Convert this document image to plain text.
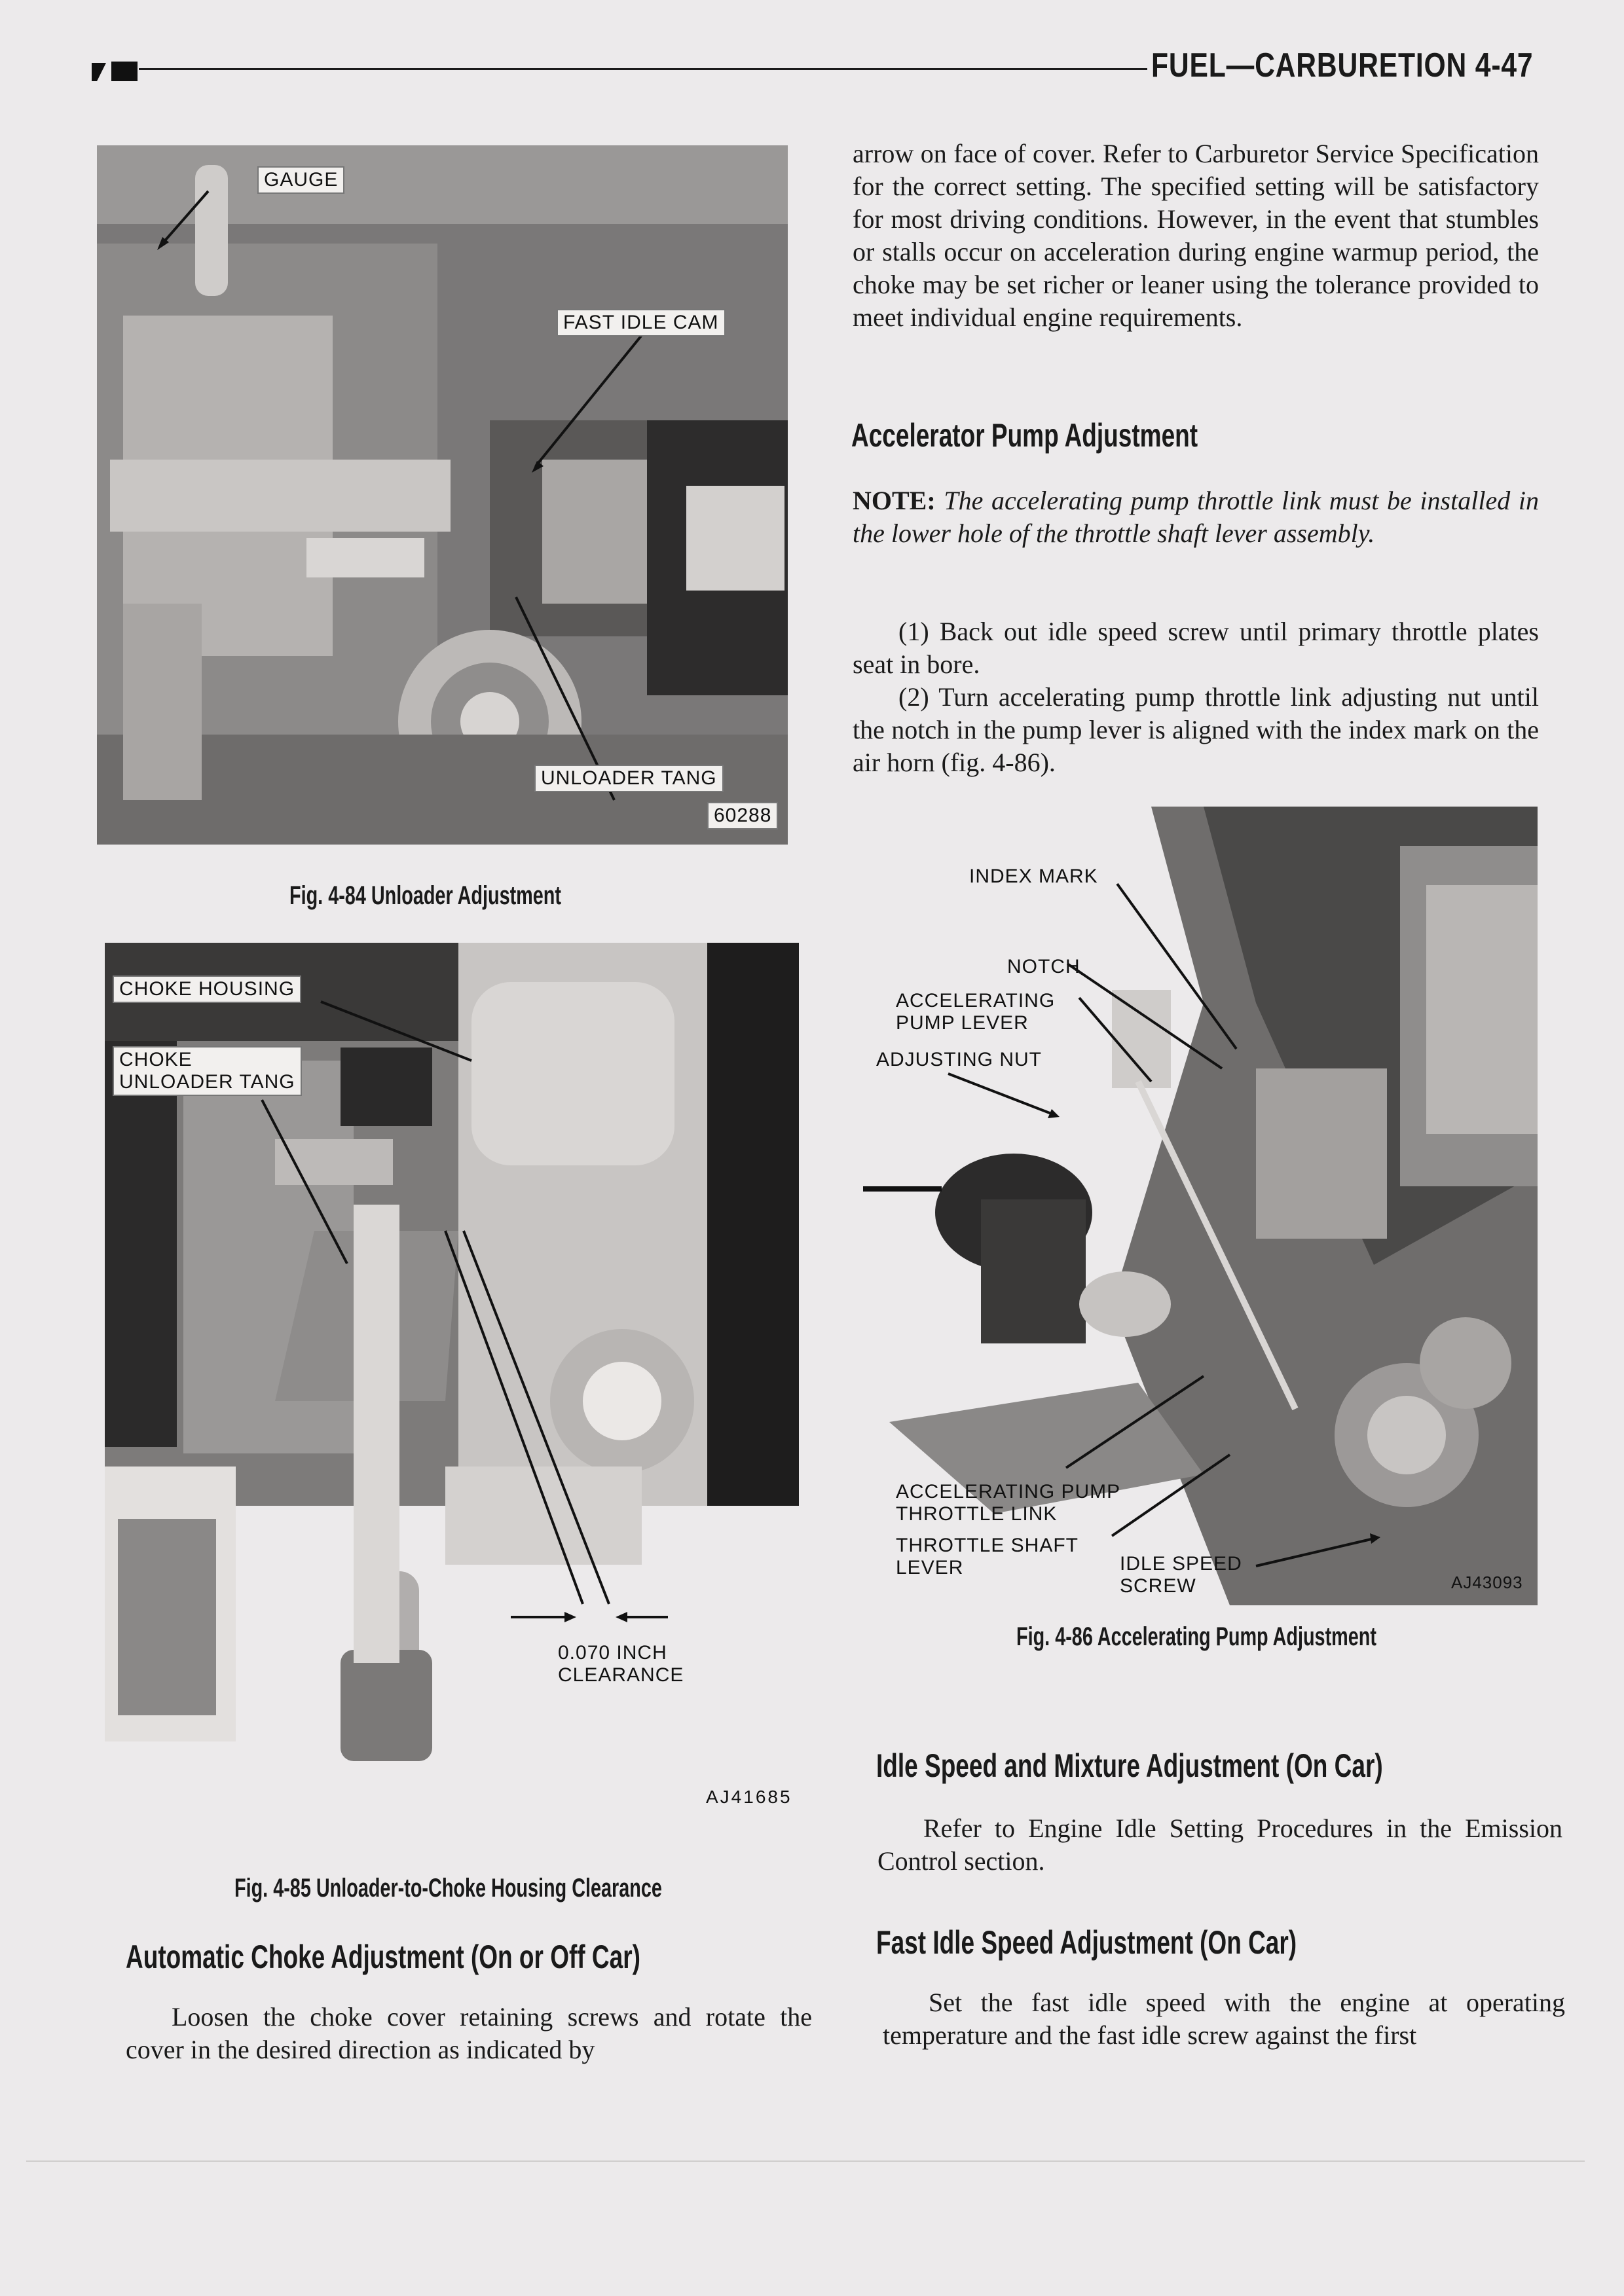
FUEL—CARBURETION 4-47
GAUGE
FAST IDLE CAM
UNLOADER TANG
60288
Fig. 4-84 Unloader Adjustment
CHOKE HOUSING
CHOKE
UNLOADER TANG
0.070 INCH
CLEARANCE
AJ41685
Fig. 4-85 Unloader-to-Choke Housing Clearance
Automatic Choke Adjustment (On or Off Car)

Loosen the choke cover retaining screws and rotate the cover in the desired direction as indicated by

arrow on face of cover. Refer to Carburetor Service Specification for the correct setting. The specified setting will be satisfactory for most driving conditions. However, in the event that stumbles or stalls occur on acceleration during engine warmup period, the choke may be set richer or leaner using the tolerance provided to meet individual engine requirements.

Accelerator Pump Adjustment

NOTE: The accelerating pump throttle link must be installed in the lower hole of the throttle shaft lever assembly.

(1) Back out idle speed screw until primary throttle plates seat in bore.

(2) Turn accelerating pump throttle link adjusting nut until the notch in the pump lever is aligned with the index mark on the air horn (fig. 4-86).

INDEX MARK
NOTCH
ACCELERATING
PUMP LEVER
ADJUSTING NUT
ACCELERATING PUMP
THROTTLE LINK
THROTTLE SHAFT
LEVER	IDLE SPEED
SCREW	AJ43093
Fig. 4-86 Accelerating Pump Adjustment
Idle Speed and Mixture Adjustment (On Car)

Refer to Engine Idle Setting Procedures in the Emission Control section.

Fast Idle Speed Adjustment (On Car)

Set the fast idle speed with the engine at operating temperature and the fast idle screw against the first
